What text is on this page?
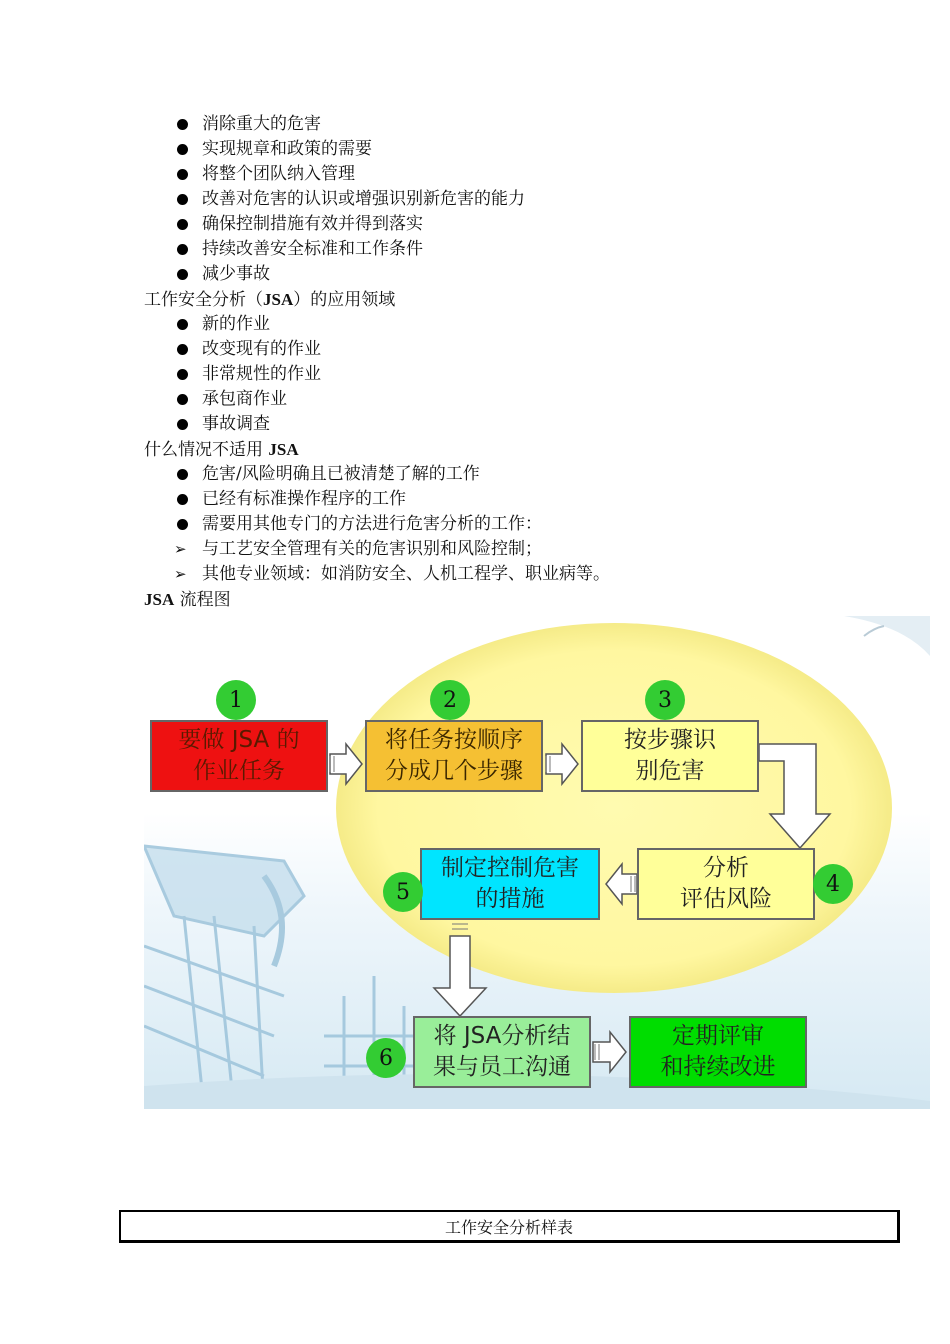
消除重大的危害
实现规章和政策的需要
将整个团队纳入管理
改善对危害的认识或增强识别新危害的能力
确保控制措施有效并得到落实
持续改善安全标准和工作条件
减少事故
工作安全分析（JSA）的应用领域
新的作业
改变现有的作业
非常规性的作业
承包商作业
事故调查
什么情况不适用 JSA
危害/风险明确且已被清楚了解的工作
已经有标准操作程序的工作
需要用其他专门的方法进行危害分析的工作：
与工艺安全管理有关的危害识别和风险控制；
其他专业领域：如消防安全、人机工程学、职业病等。
JSA 流程图
要做 JSA 的
作业任务
将任务按顺序
分成几个步骤
按步骤识
别危害
分析
评估风险
制定控制危害
的措施
将 JSA分析结
果与员工沟通
定期评审
和持续改进
1	2	3
4
5
6
工作安全分析样表
